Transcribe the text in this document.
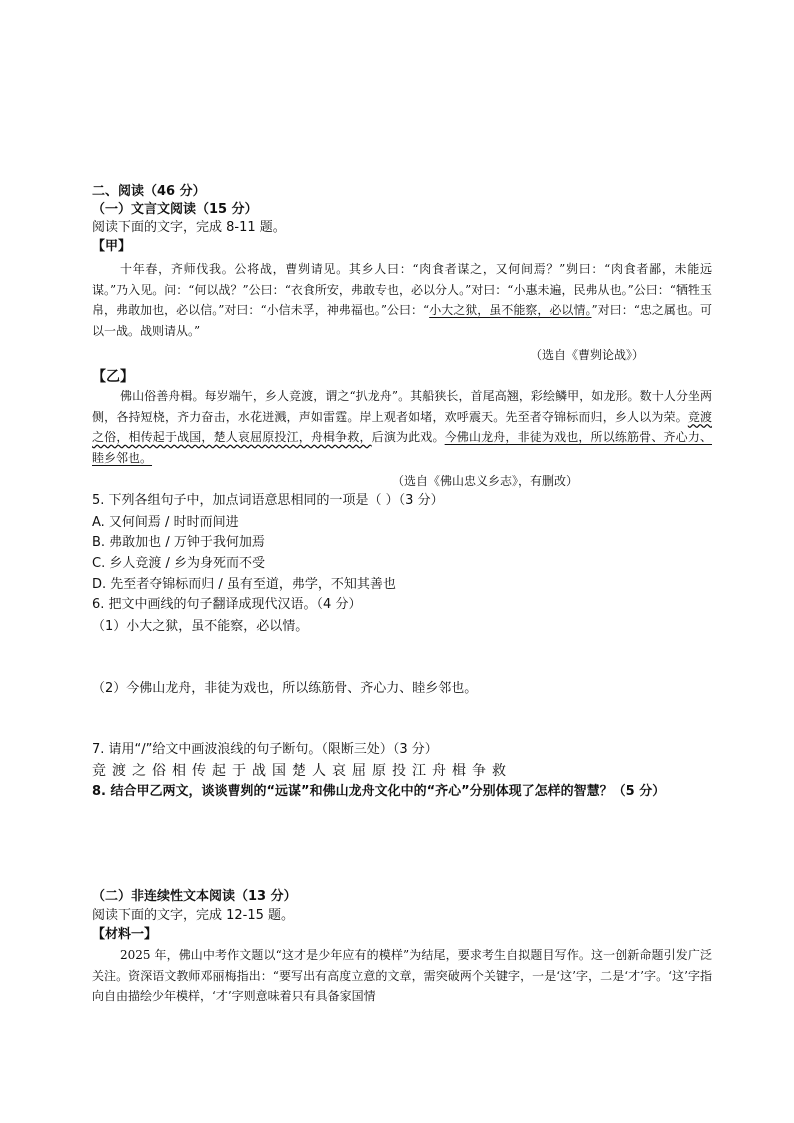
二、阅读（46 分）
（一）文言文阅读（15 分）
阅读下面的文字，完成 8-11 题。
【甲】
十年春，齐师伐我。公将战，曹刿请见。其乡人曰：“肉食者谋之，又何间焉？”刿曰：“肉食者鄙，未能远谋。”乃入见。问：“何以战？”公曰：“衣食所安，弗敢专也，必以分人。”对曰：“小惠未遍，民弗从也。”公曰：“牺牲玉帛，弗敢加也，必以信。”对曰：“小信未孚，神弗福也。”公曰：“小大之狱，虽不能察，必以情。”对曰：“忠之属也。可以一战。战则请从。”
（选自《曹刿论战》）
【乙】
佛山俗善舟楫。每岁端午，乡人竞渡，谓之“扒龙舟”。其船狭长，首尾高翘，彩绘鳞甲，如龙形。数十人分坐两侧，各持短桡，齐力奋击，水花迸溅，声如雷霆。岸上观者如堵，欢呼震天。先至者夺锦标而归，乡人以为荣。竞渡之俗，相传起于战国，楚人哀屈原投江，舟楫争救，后演为此戏。今佛山龙舟，非徒为戏也，所以练筋骨、齐心力、睦乡邻也。
（选自《佛山忠义乡志》，有删改）
5. 下列各组句子中，加点词语意思相同的一项是（ ）（3 分）
A. 又何间焉 / 时时而间进
B. 弗敢加也 / 万钟于我何加焉
C. 乡人竞渡 / 乡为身死而不受
D. 先至者夺锦标而归 / 虽有至道，弗学，不知其善也
6. 把文中画线的句子翻译成现代汉语。（4 分）
（1）小大之狱，虽不能察，必以情。
（2）今佛山龙舟，非徒为戏也，所以练筋骨、齐心力、睦乡邻也。
7. 请用“/”给文中画波浪线的句子断句。（限断三处）（3 分）
竞渡之俗相传起于战国楚人哀屈原投江舟楫争救
8. 结合甲乙两文，谈谈曹刿的“远谋”和佛山龙舟文化中的“齐心”分别体现了怎样的智慧？（5 分）
（二）非连续性文本阅读（13 分）
阅读下面的文字，完成 12-15 题。
【材料一】
2025 年，佛山中考作文题以“这才是少年应有的模样”为结尾，要求考生自拟题目写作。这一创新命题引发广泛关注。资深语文教师邓丽梅指出：“要写出有高度立意的文章，需突破两个关键字，一是‘这’字，二是‘才’字。‘这’字指向自由描绘少年模样，‘才’字则意味着只有具备家国情
